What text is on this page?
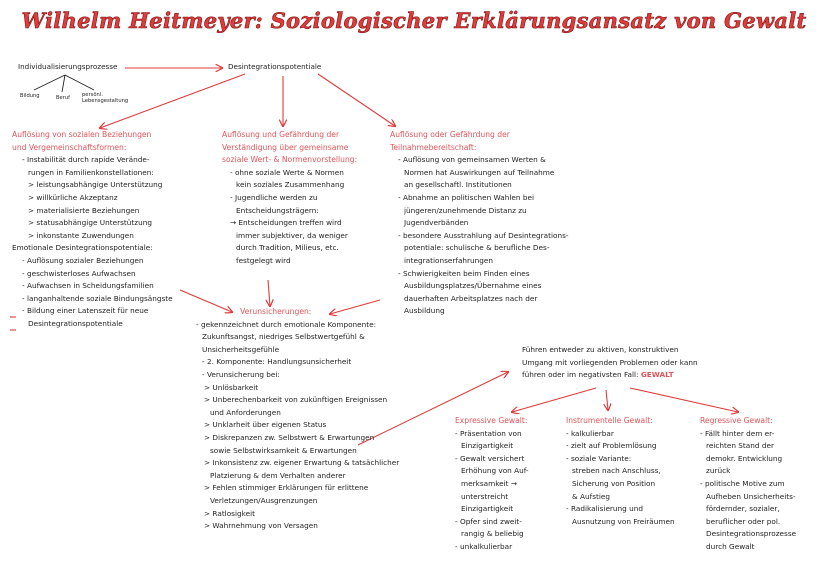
Wilhelm Heitmeyer: Soziologischer Erklärungsansatz von Gewalt
Individualisierungsprozesse	Desintegrationspotentiale
Bildung	Beruf persönl. Lebensgestaltung
Auflösung von sozialen Beziehungen
und Vergemeinschaftsformen:
- Instabilität durch rapide Verände-
rungen in Familienkonstellationen:
> leistungsabhängige Unterstützung
> willkürliche Akzeptanz
> materialisierte Beziehungen
> statusabhängige Unterstützung
> inkonstante Zuwendungen
Emotionale Desintegrationspotentiale:
- Auflösung sozialer Beziehungen
- geschwisterloses Aufwachsen
- Aufwachsen in Scheidungsfamilien
- langanhaltende soziale Bindungsängste
- Bildung einer Latenszeit für neue
Desintegrationspotentiale
Auflösung und Gefährdung der
Verständigung über gemeinsame
soziale Wert- & Normenvorstellung:
- ohne soziale Werte & Normen
kein soziales Zusammenhang
- Jugendliche werden zu
Entscheidungsträgern:
→ Entscheidungen treffen wird
immer subjektiver, da weniger
durch Tradition, Milieus, etc.
festgelegt wird
Auflösung oder Gefährdung der
Teilnahmebereitschaft:
- Auflösung von gemeinsamen Werten &
Normen hat Auswirkungen auf Teilnahme
an gesellschaftl. Institutionen
- Abnahme an politischen Wahlen bei
jüngeren/zunehmende Distanz zu
Jugendverbänden
- besondere Ausstrahlung auf Desintegrations-
potentiale: schulische & berufliche Des-
integrationserfahrungen
- Schwierigkeiten beim Finden eines
Ausbildungsplatzes/Übernahme eines
dauerhaften Arbeitsplatzes nach der
Ausbildung
Verunsicherungen:
- gekennzeichnet durch emotionale Komponente:
Zukunftsangst, niedriges Selbstwertgefühl &
Unsicherheitsgefühle
- 2. Komponente: Handlungsunsicherheit
- Verunsicherung bei:
> Unlösbarkeit
> Unberechenbarkeit von zukünftigen Ereignissen
und Anforderungen
> Unklarheit über eigenen Status
> Diskrepanzen zw. Selbstwert & Erwartungen
sowie Selbstwirksamkeit & Erwartungen
> Inkonsistenz zw. eigener Erwartung & tatsächlicher
Platzierung & dem Verhalten anderer
> Fehlen stimmiger Erklärungen für erlittene
Verletzungen/Ausgrenzungen
> Ratlosigkeit
> Wahrnehmung von Versagen
Führen entweder zu aktiven, konstruktiven
Umgang mit vorliegenden Problemen oder kann
führen oder im negativsten Fall: GEWALT
Expressive Gewalt:
- Präsentation von
Einzigartigkeit
- Gewalt versichert
Erhöhung von Auf-
merksamkeit →
unterstreicht
Einzigartigkeit
- Opfer sind zweit-
rangig & beliebig
- unkalkulierbar
Instrumentelle Gewalt:
- kalkulierbar
- zielt auf Problemlösung
- soziale Variante:
streben nach Anschluss,
Sicherung von Position
& Aufstieg
- Radikalisierung und
Ausnutzung von Freiräumen
Regressive Gewalt:
- Fällt hinter dem er-
reichten Stand der
demokr. Entwicklung
zurück
- politische Motive zum
Aufheben Unsicherheits-
fördernder, sozialer,
beruflicher oder pol.
Desintegrationsprozesse
durch Gewalt
